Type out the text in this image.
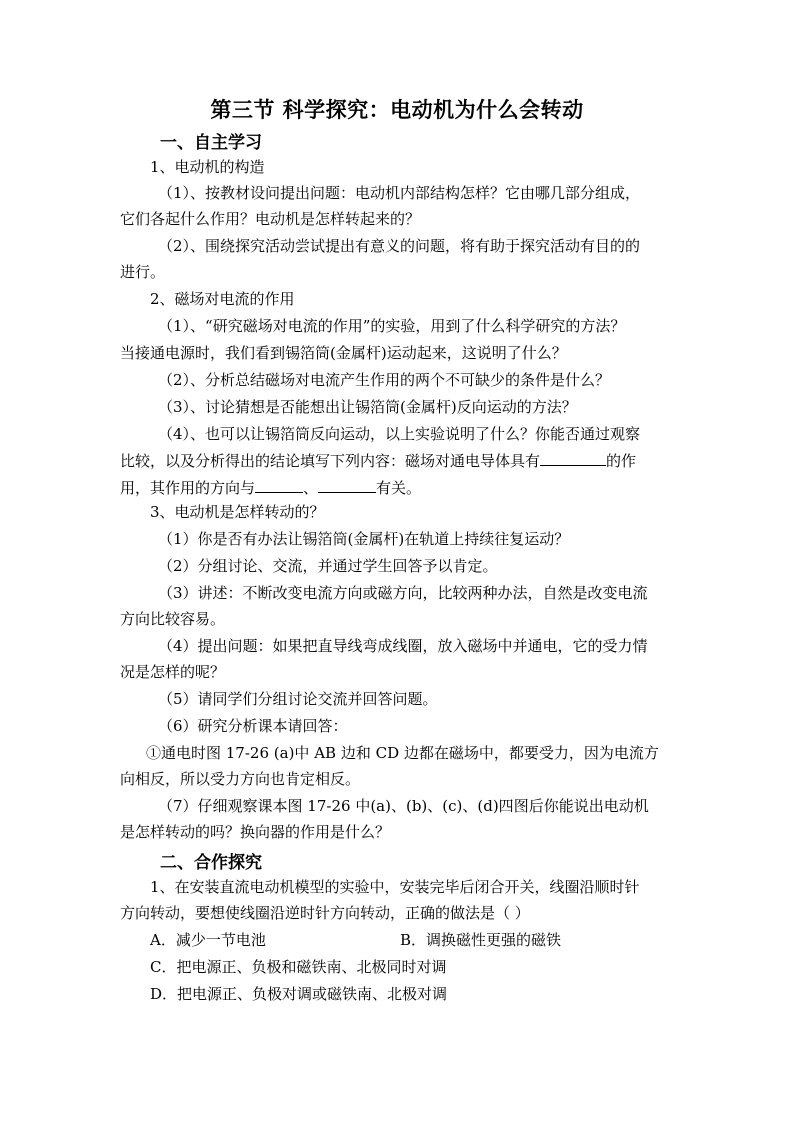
第三节 科学探究：电动机为什么会转动
一、自主学习
1、电动机的构造
（1）、按教材设问提出问题：电动机内部结构怎样？它由哪几部分组成，
它们各起什么作用？电动机是怎样转起来的？
（2）、围绕探究活动尝试提出有意义的问题，将有助于探究活动有目的的
进行。
2、磁场对电流的作用
（1）、“研究磁场对电流的作用”的实验，用到了什么科学研究的方法？
当接通电源时，我们看到锡箔筒(金属杆)运动起来，这说明了什么？
（2）、分析总结磁场对电流产生作用的两个不可缺少的条件是什么？
（3）、讨论猜想是否能想出让锡箔筒(金属杆)反向运动的方法？
（4）、也可以让锡箔筒反向运动，以上实验说明了什么？你能否通过观察
比较，以及分析得出的结论填写下列内容：磁场对通电导体具有	的作
用，其作用的方向与	、	有关。
3、电动机是怎样转动的？
（1）你是否有办法让锡箔筒(金属杆)在轨道上持续往复运动？
（2）分组讨论、交流，并通过学生回答予以肯定。
（3）讲述：不断改变电流方向或磁方向，比较两种办法，自然是改变电流
方向比较容易。
（4）提出问题：如果把直导线弯成线圈，放入磁场中并通电，它的受力情
况是怎样的呢？
（5）请同学们分组讨论交流并回答问题。
（6）研究分析课本请回答：
①通电时图 17-26 (a)中 AB 边和 CD 边都在磁场中，都要受力，因为电流方
向相反，所以受力方向也肯定相反。
（7）仔细观察课本图 17-26 中(a)、(b)、(c)、(d)四图后你能说出电动机
是怎样转动的吗？换向器的作用是什么？
二、合作探究
1、在安装直流电动机模型的实验中，安装完毕后闭合开关，线圈沿顺时针
方向转动，要想使线圈沿逆时针方向转动，正确的做法是（ ）
A．减少一节电池	B．调换磁性更强的磁铁
C．把电源正、负极和磁铁南、北极同时对调
D．把电源正、负极对调或磁铁南、北极对调
